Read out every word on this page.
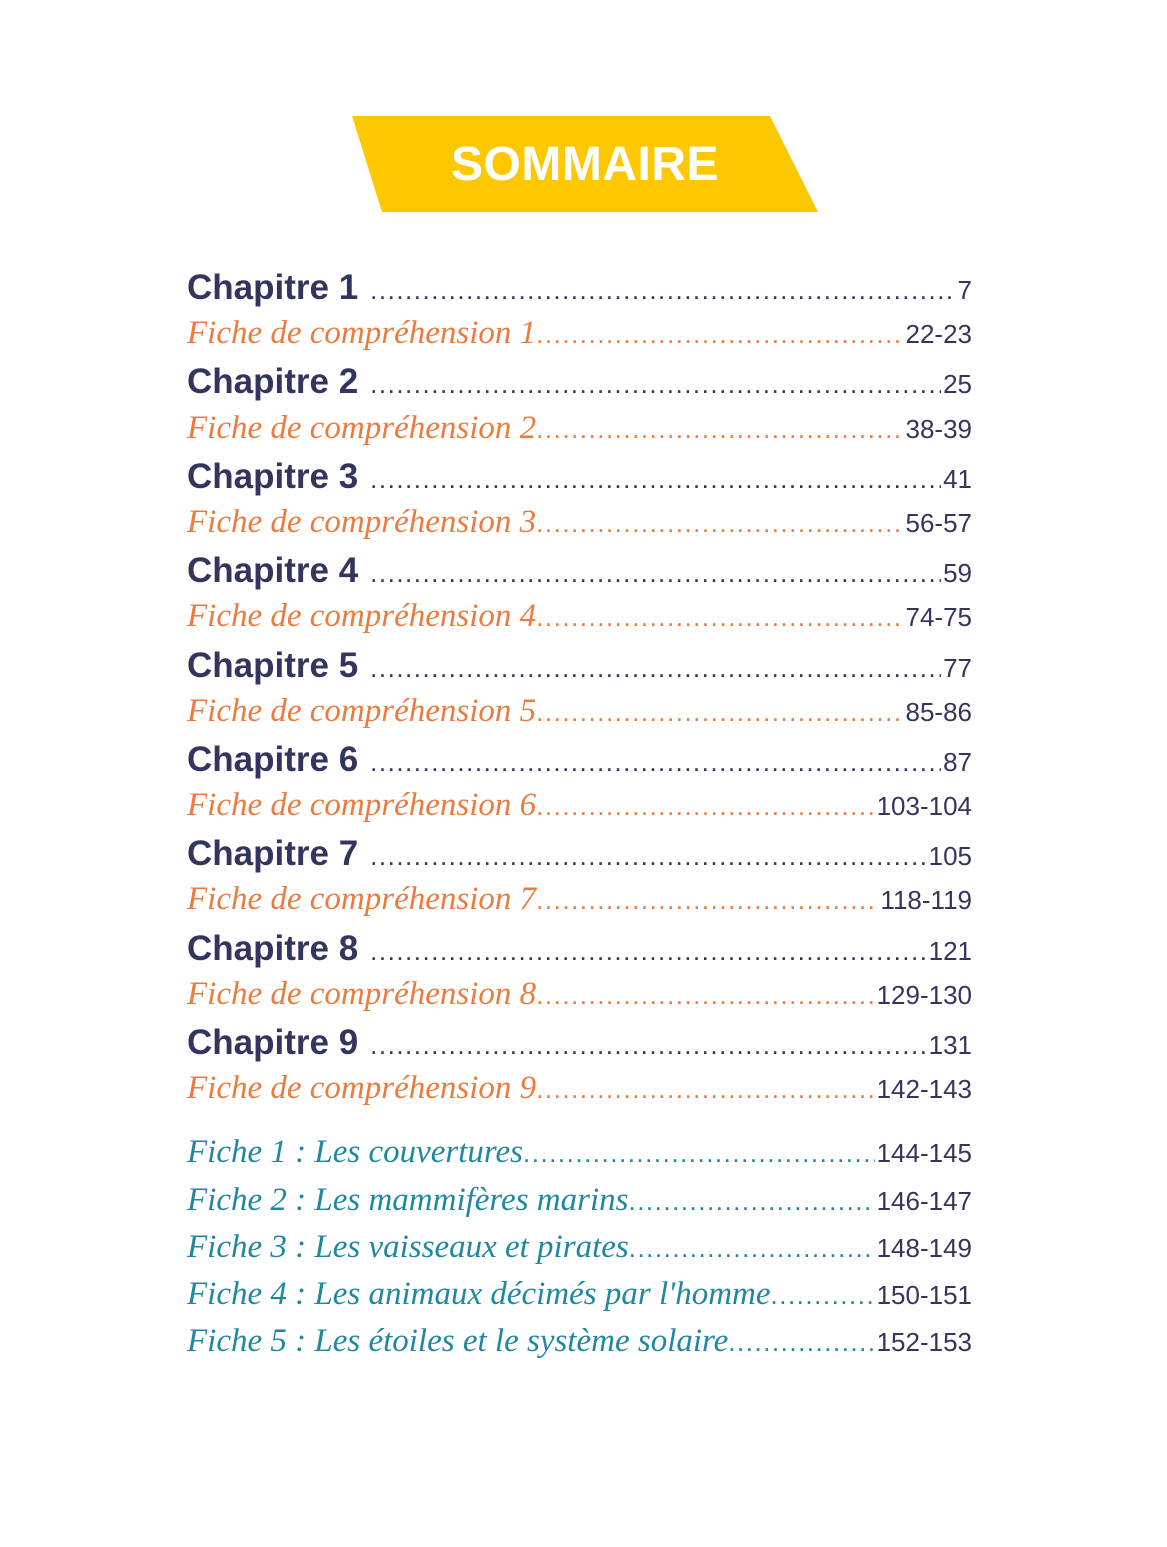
SOMMAIRE
Chapitre 1 .....	7
Fiche de compréhension 1 .....	22-23
Chapitre 2 .....	25
Fiche de compréhension 2 .....	38-39
Chapitre 3 .....	41
Fiche de compréhension 3 .....	56-57
Chapitre 4 .....	59
Fiche de compréhension 4 .....	74-75
Chapitre 5 .....	77
Fiche de compréhension 5 .....	85-86
Chapitre 6 .....	87
Fiche de compréhension 6 .....	103-104
Chapitre 7 .....	105
Fiche de compréhension 7 .....	118-119
Chapitre 8 .....	121
Fiche de compréhension 8 .....	129-130
Chapitre 9 .....	131
Fiche de compréhension 9 .....	142-143
Fiche 1 : Les couvertures .....	144-145
Fiche 2 : Les mammifères marins .....	146-147
Fiche 3 : Les vaisseaux et pirates .....	148-149
Fiche 4 : Les animaux décimés par l'homme .....	150-151
Fiche 5 : Les étoiles et le système solaire .....	152-153
